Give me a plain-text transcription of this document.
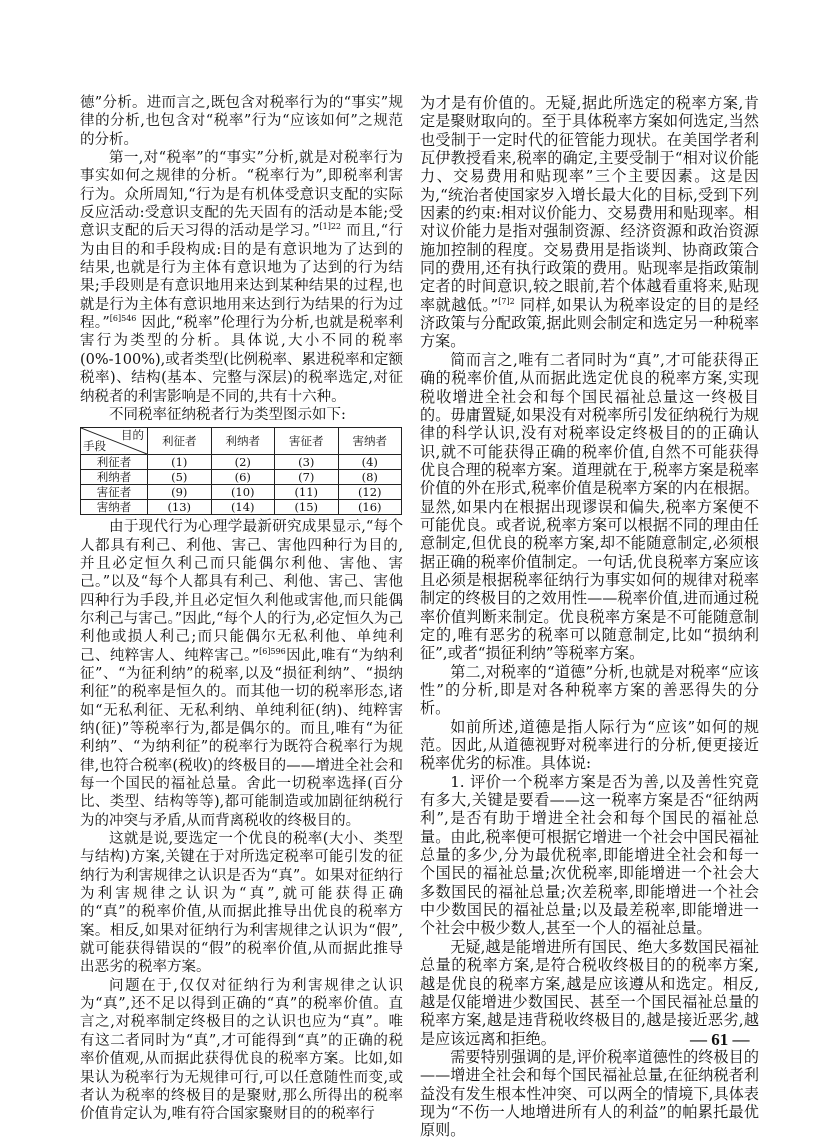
德”分析。进而言之,既包含对税率行为的“事实”规律的分析,也包含对“税率”行为“应该如何”之规范的分析。

第一,对“税率”的“事实”分析,就是对税率行为事实如何之规律的分析。“税率行为”,即税率利害行为。众所周知,“行为是有机体受意识支配的实际反应活动:受意识支配的先天固有的活动是本能;受意识支配的后天习得的活动是学习。”$^{[1]22}$ 而且,“行为由目的和手段构成:目的是有意识地为了达到的结果,也就是行为主体有意识地为了达到的行为结果;手段则是有意识地用来达到某种结果的过程,也就是行为主体有意识地用来达到行为结果的行为过程。”$^{[6]546}$ 因此,“税率”伦理行为分析,也就是税率利害行为类型的分析。具体说,大小不同的税率(0%-100%),或者类型(比例税率、累进税率和定额税率)、结构(基本、完整与深层)的税率选定,对征纳税者的利害影响是不同的,共有十六种。

不同税率征纳税者行为类型图示如下:

目的
手段	利征者	利纳者	害征者	害纳者
利征者	(1)	(2)	(3)	(4)
利纳者	(5)	(6)	(7)	(8)
害征者	(9)	(10)	(11)	(12)
害纳者	(13)	(14)	(15)	(16)

由于现代行为心理学最新研究成果显示,“每个人都具有利己、利他、害己、害他四种行为目的,并且必定恒久利己而只能偶尔利他、害他、害己。”以及“每个人都具有利己、利他、害己、害他四种行为手段,并且必定恒久利他或害他,而只能偶尔利己与害己。”因此,“每个人的行为,必定恒久为己利他或损人利己;而只能偶尔无私利他、单纯利己、纯粹害人、纯粹害己。”$^{[6]596}$因此,唯有“为纳利征”、“为征利纳”的税率,以及“损征利纳”、“损纳利征”的税率是恒久的。而其他一切的税率形态,诸如“无私利征、无私利纳、单纯利征(纳)、纯粹害纳(征)”等税率行为,都是偶尔的。而且,唯有“为征利纳”、“为纳利征”的税率行为既符合税率行为规律,也符合税率(税收)的终极目的——增进全社会和每一个国民的福祉总量。舍此一切税率选择(百分比、类型、结构等等),都可能制造或加剧征纳税行为的冲突与矛盾,从而背离税收的终极目的。

这就是说,要选定一个优良的税率(大小、类型与结构)方案,关键在于对所选定税率可能引发的征纳行为利害规律之认识是否为“真”。如果对征纳行为利害规律之认识为“真”,就可能获得正确的“真”的税率价值,从而据此推导出优良的税率方案。相反,如果对征纳行为利害规律之认识为“假”,就可能获得错误的“假”的税率价值,从而据此推导出恶劣的税率方案。

问题在于,仅仅对征纳行为利害规律之认识为“真”,还不足以得到正确的“真”的税率价值。直言之,对税率制定终极目的之认识也应为“真”。唯有这二者同时为“真”,才可能得到“真”的正确的税率价值观,从而据此获得优良的税率方案。比如,如果认为税率行为无规律可行,可以任意随性而变,或者认为税率的终极目的是聚财,那么所得出的税率价值肯定认为,唯有符合国家聚财目的的税率行

为才是有价值的。无疑,据此所选定的税率方案,肯定是聚财取向的。至于具体税率方案如何选定,当然也受制于一定时代的征管能力现状。在美国学者利瓦伊教授看来,税率的确定,主要受制于“相对议价能力、交易费用和贴现率”三个主要因素。这是因为,“统治者使国家岁入增长最大化的目标,受到下列因素的约束:相对议价能力、交易费用和贴现率。相对议价能力是指对强制资源、经济资源和政治资源施加控制的程度。交易费用是指谈判、协商政策合同的费用,还有执行政策的费用。贴现率是指政策制定者的时间意识,较之眼前,若个体越看重将来,贴现率就越低。”$^{[7]2}$ 同样,如果认为税率设定的目的是经济政策与分配政策,据此则会制定和选定另一种税率方案。

简而言之,唯有二者同时为“真”,才可能获得正确的税率价值,从而据此选定优良的税率方案,实现税收增进全社会和每个国民福祉总量这一终极目的。毋庸置疑,如果没有对税率所引发征纳税行为规律的科学认识,没有对税率设定终极目的的正确认识,就不可能获得正确的税率价值,自然不可能获得优良合理的税率方案。道理就在于,税率方案是税率价值的外在形式,税率价值是税率方案的内在根据。显然,如果内在根据出现谬误和偏失,税率方案便不可能优良。或者说,税率方案可以根据不同的理由任意制定,但优良的税率方案,却不能随意制定,必须根据正确的税率价值制定。一句话,优良税率方案应该且必须是根据税率征纳行为事实如何的规律对税率制定的终极目的之效用性——税率价值,进而通过税率价值判断来制定。优良税率方案是不可能随意制定的,唯有恶劣的税率可以随意制定,比如“损纳利征”,或者“损征利纳”等税率方案。

第二,对税率的“道德”分析,也就是对税率“应该性”的分析,即是对各种税率方案的善恶得失的分析。

如前所述,道德是指人际行为“应该”如何的规范。因此,从道德视野对税率进行的分析,便更接近税率优劣的标准。具体说:

1. 评价一个税率方案是否为善,以及善性究竟有多大,关键是要看——这一税率方案是否“征纳两利”,是否有助于增进全社会和每个国民的福祉总量。由此,税率便可根据它增进一个社会中国民福祉总量的多少,分为最优税率,即能增进全社会和每一个国民的福祉总量;次优税率,即能增进一个社会大多数国民的福祉总量;次差税率,即能增进一个社会中少数国民的福祉总量;以及最差税率,即能增进一个社会中极少数人,甚至一个人的福祉总量。

无疑,越是能增进所有国民、绝大多数国民福祉总量的税率方案,是符合税收终极目的的税率方案,越是优良的税率方案,越是应该遵从和选定。相反,越是仅能增进少数国民、甚至一个国民福祉总量的税率方案,越是违背税收终极目的,越是接近恶劣,越是应该远离和拒绝。

需要特别强调的是,评价税率道德性的终极目的——增进全社会和每个国民福祉总量,在征纳税者利益没有发生根本性冲突、可以两全的情境下,具体表现为“不伤一人地增进所有人的利益”的帕累托最优原则。

— 61 —
